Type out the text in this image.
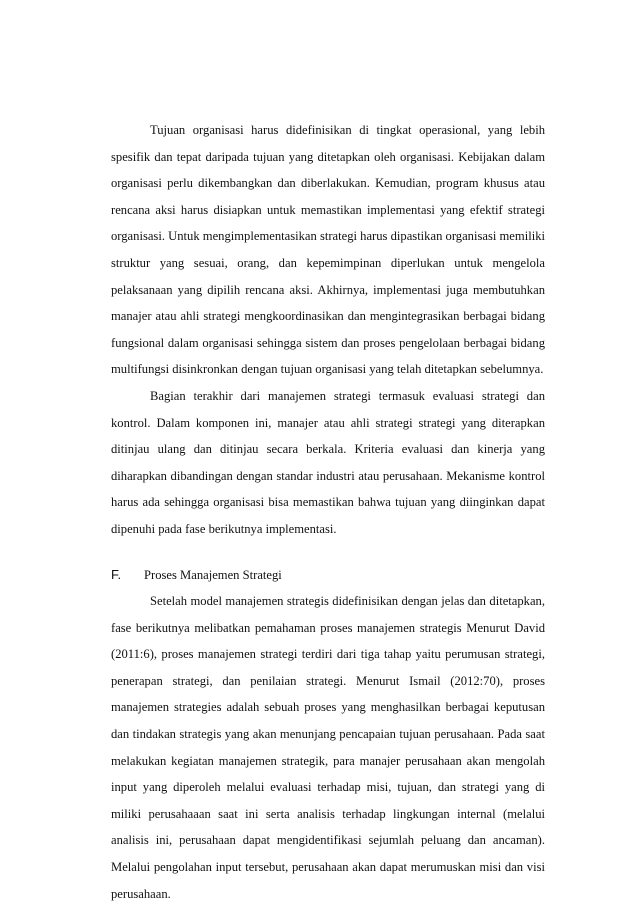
Tujuan organisasi harus didefinisikan di tingkat operasional, yang lebih spesifik dan tepat daripada tujuan yang ditetapkan oleh organisasi. Kebijakan dalam organisasi perlu dikembangkan dan diberlakukan. Kemudian, program khusus atau rencana aksi harus disiapkan untuk memastikan implementasi yang efektif strategi organisasi. Untuk mengimplementasikan strategi harus dipastikan organisasi memiliki struktur yang sesuai, orang, dan kepemimpinan diperlukan untuk mengelola pelaksanaan yang dipilih rencana aksi. Akhirnya, implementasi juga membutuhkan manajer atau ahli strategi mengkoordinasikan dan mengintegrasikan berbagai bidang fungsional dalam organisasi sehingga sistem dan proses pengelolaan berbagai bidang multifungsi disinkronkan dengan tujuan organisasi yang telah ditetapkan sebelumnya.

Bagian terakhir dari manajemen strategi termasuk evaluasi strategi dan kontrol. Dalam komponen ini, manajer atau ahli strategi strategi yang diterapkan ditinjau ulang dan ditinjau secara berkala. Kriteria evaluasi dan kinerja yang diharapkan dibandingan dengan standar industri atau perusahaan. Mekanisme kontrol harus ada sehingga organisasi bisa memastikan bahwa tujuan yang diinginkan dapat dipenuhi pada fase berikutnya implementasi.

F.	Proses Manajemen Strategi

Setelah model manajemen strategis didefinisikan dengan jelas dan ditetapkan, fase berikutnya melibatkan pemahaman proses manajemen strategis Menurut David (2011:6), proses manajemen strategi terdiri dari tiga tahap yaitu perumusan strategi, penerapan strategi, dan penilaian strategi. Menurut Ismail (2012:70), proses manajemen strategies adalah sebuah proses yang menghasilkan berbagai keputusan dan tindakan strategis yang akan menunjang pencapaian tujuan perusahaan. Pada saat melakukan kegiatan manajemen strategik, para manajer perusahaan akan mengolah input yang diperoleh melalui evaluasi terhadap misi, tujuan, dan strategi yang di miliki perusahaaan saat ini serta analisis terhadap lingkungan internal (melalui analisis ini, perusahaan dapat mengidentifikasi sejumlah peluang dan ancaman). Melalui pengolahan input tersebut, perusahaan akan dapat merumuskan misi dan visi perusahaan.
